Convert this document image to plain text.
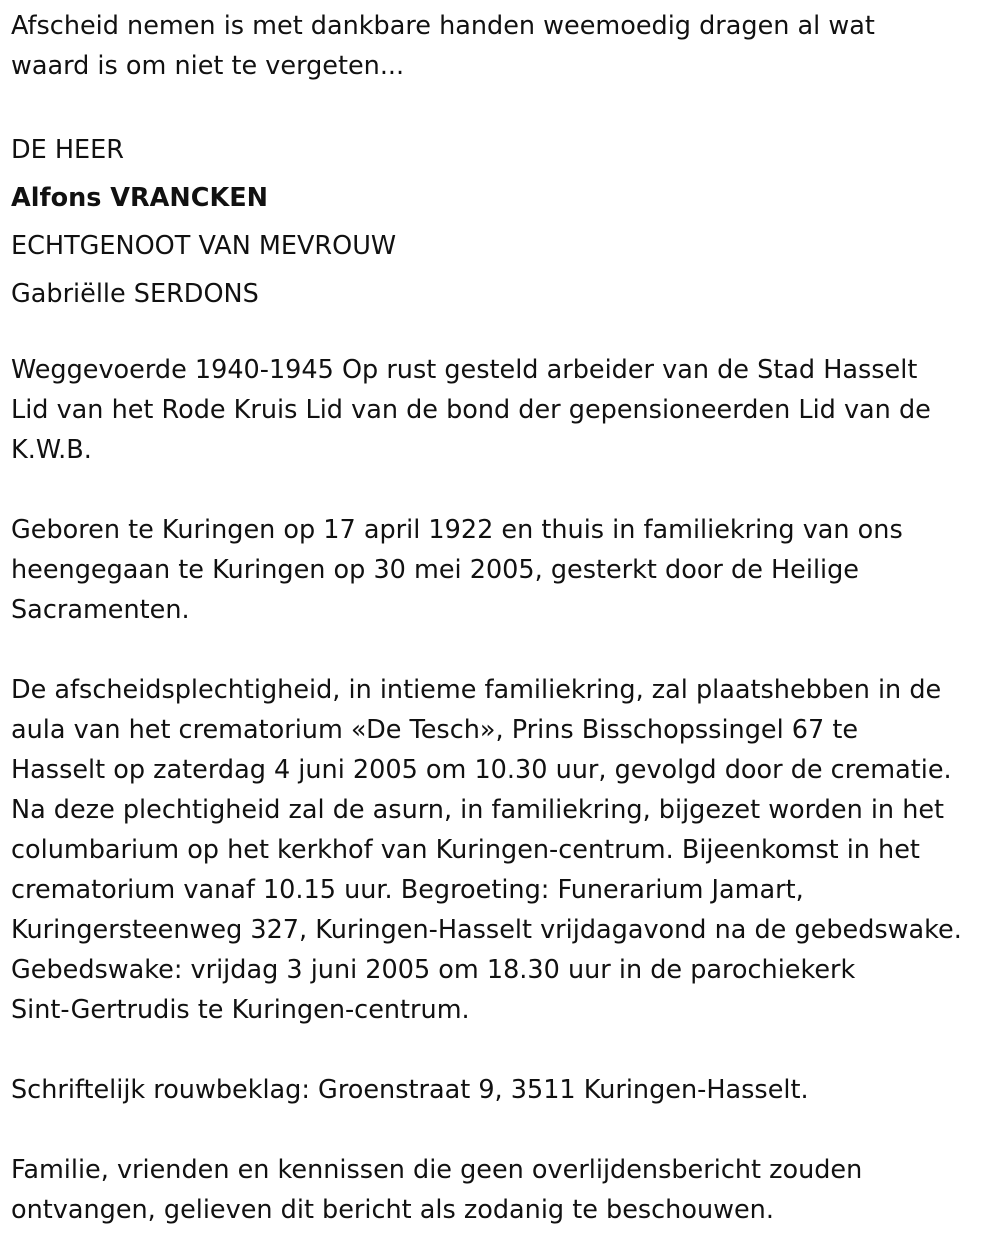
Afscheid nemen is met dankbare handen weemoedig dragen al wat
waard is om niet te vergeten...

DE HEER
Alfons VRANCKEN
ECHTGENOOT VAN MEVROUW
Gabriëlle SERDONS

Weggevoerde 1940-1945 Op rust gesteld arbeider van de Stad Hasselt
Lid van het Rode Kruis Lid van de bond der gepensioneerden Lid van de
K.W.B.

Geboren te Kuringen op 17 april 1922 en thuis in familiekring van ons
heengegaan te Kuringen op 30 mei 2005, gesterkt door de Heilige
Sacramenten.

De afscheidsplechtigheid, in intieme familiekring, zal plaatshebben in de
aula van het crematorium «De Tesch», Prins Bisschopssingel 67 te
Hasselt op zaterdag 4 juni 2005 om 10.30 uur, gevolgd door de crematie.
Na deze plechtigheid zal de asurn, in familiekring, bijgezet worden in het
columbarium op het kerkhof van Kuringen-centrum. Bijeenkomst in het
crematorium vanaf 10.15 uur. Begroeting: Funerarium Jamart,
Kuringersteenweg 327, Kuringen-Hasselt vrijdagavond na de gebedswake.
Gebedswake: vrijdag 3 juni 2005 om 18.30 uur in de parochiekerk
Sint-Gertrudis te Kuringen-centrum.

Schriftelijk rouwbeklag: Groenstraat 9, 3511 Kuringen-Hasselt.

Familie, vrienden en kennissen die geen overlijdensbericht zouden
ontvangen, gelieven dit bericht als zodanig te beschouwen.
